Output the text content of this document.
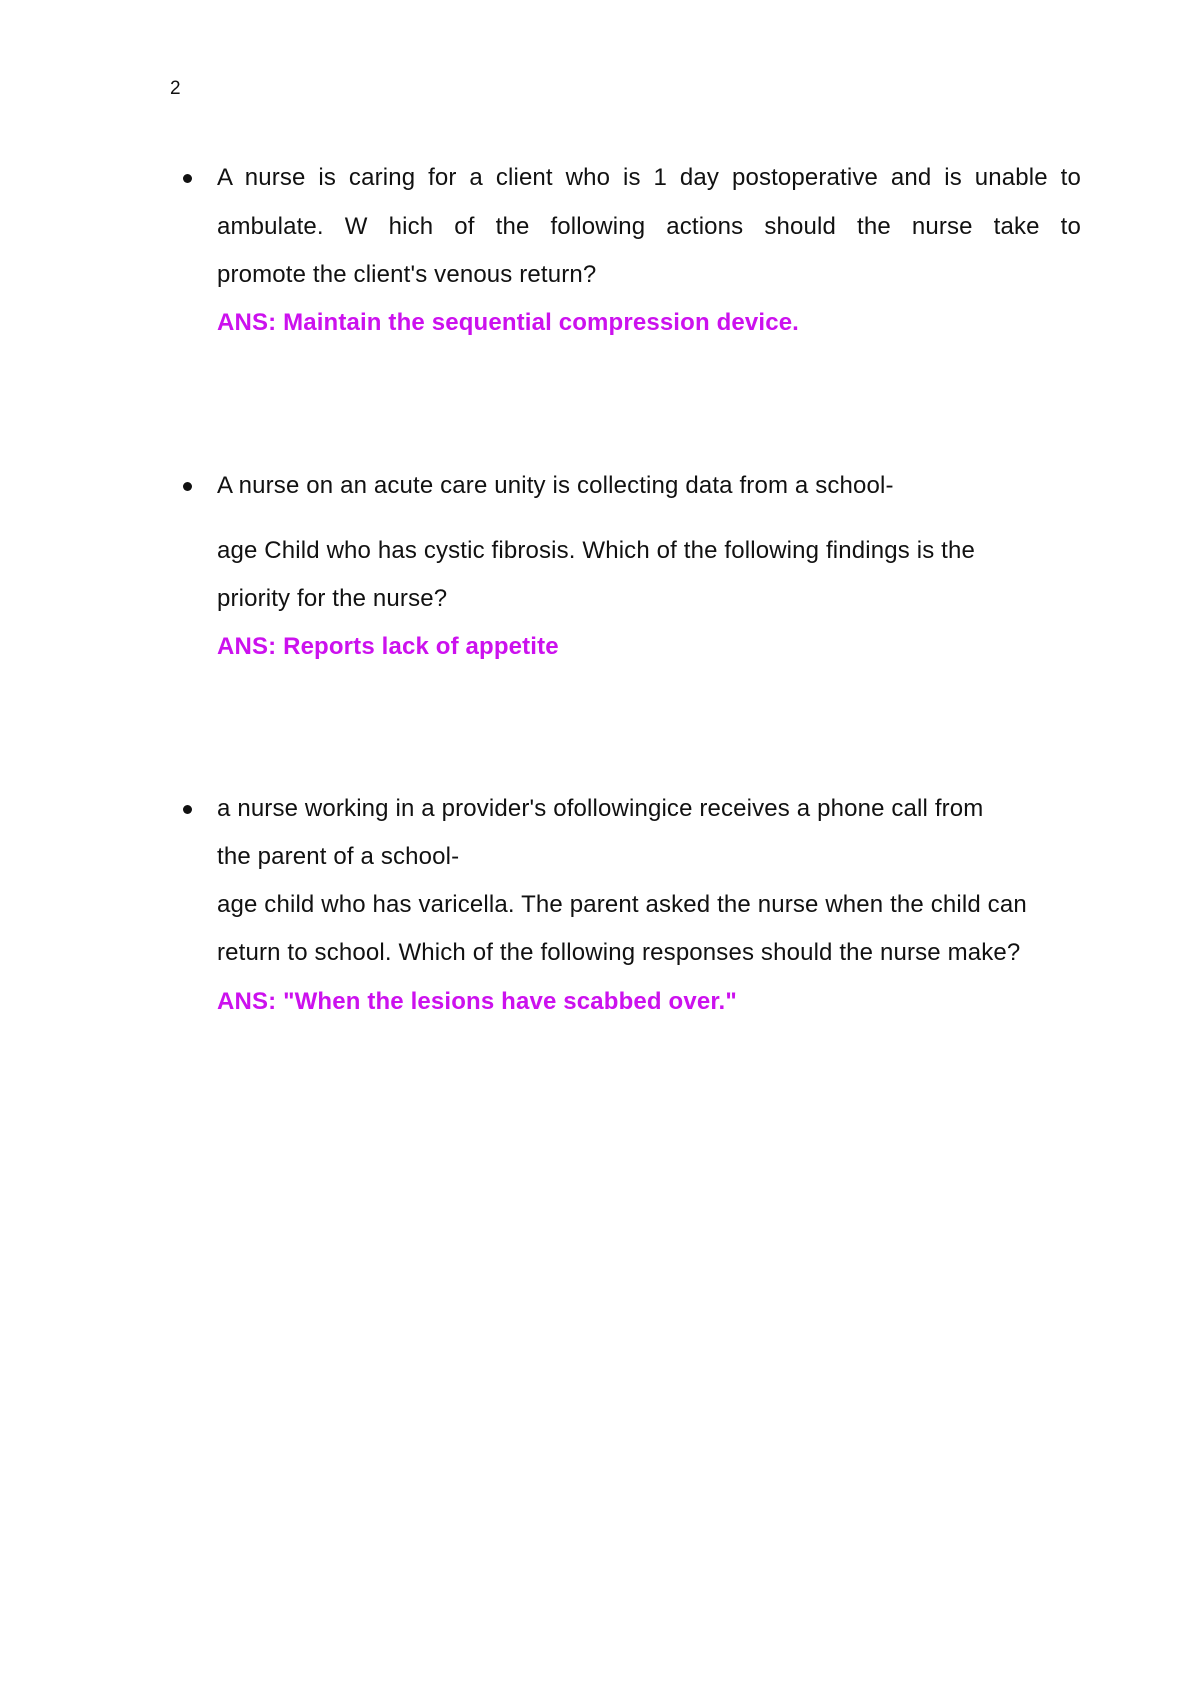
2
A nurse is caring for a client who is 1 day postoperative and is unable to
ambulate. W hich of the following actions should the nurse take to
promote the client's venous return?
ANS: Maintain the sequential compression device.
A nurse on an acute care unity is collecting data from a school-
age Child who has cystic fibrosis. Which of the following findings is the
priority for the nurse?
ANS: Reports lack of appetite
a nurse working in a provider's ofollowingice receives a phone call from
the parent of a school-
age child who has varicella. The parent asked the nurse when the child can
return to school. Which of the following responses should the nurse make?
ANS: "When the lesions have scabbed over."
